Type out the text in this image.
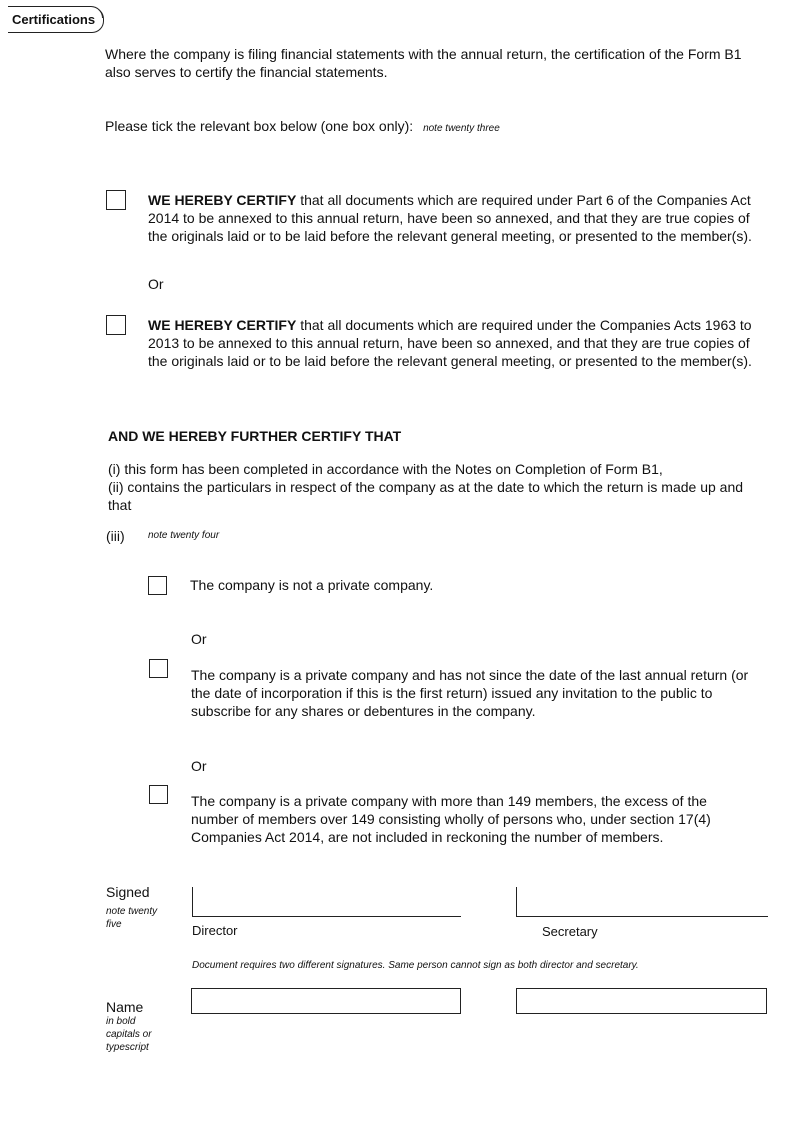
Certifications
Where the company is filing financial statements with the annual return, the certification of the Form B1 also serves to certify the financial statements.
Please tick the relevant box below (one box only): note twenty three
WE HEREBY CERTIFY that all documents which are required under Part 6 of the Companies Act 2014 to be annexed to this annual return, have been so annexed, and that they are true copies of the originals laid or to be laid before the relevant general meeting, or presented to the member(s).
Or
WE HEREBY CERTIFY that all documents which are required under the Companies Acts 1963 to 2013 to be annexed to this annual return, have been so annexed, and that they are true copies of the originals laid or to be laid before the relevant general meeting, or presented to the member(s).
AND WE HEREBY FURTHER CERTIFY THAT
(i) this form has been completed in accordance with the Notes on Completion of Form B1,
(ii) contains the particulars in respect of the company as at the date to which the return is made up and that
(iii) note twenty four
The company is not a private company.
Or
The company is a private company and has not since the date of the last annual return (or the date of incorporation if this is the first return) issued any invitation to the public to subscribe for any shares or debentures in the company.
Or
The company is a private company with more than 149 members, the excess of the number of members over 149 consisting wholly of persons who, under section 17(4) Companies Act 2014, are not included in reckoning the number of members.
Signed
note twenty five	Director	Secretary
Document requires two different signatures. Same person cannot sign as both director and secretary.
Name
in bold capitals or typescript
